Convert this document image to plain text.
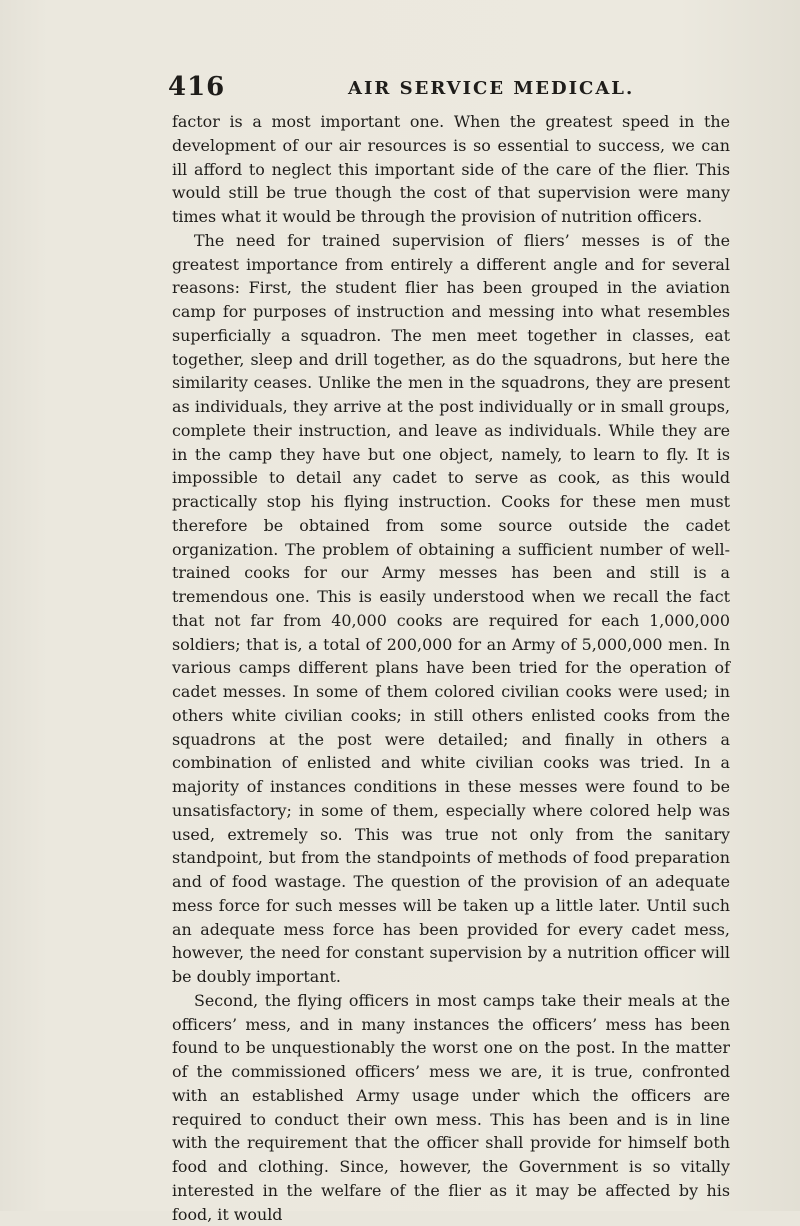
416	AIR SERVICE MEDICAL.

factor is a most important one. When the greatest speed in the development of our air resources is so essential to success, we can ill afford to neglect this important side of the care of the flier. This would still be true though the cost of that supervision were many times what it would be through the provision of nutrition officers.

The need for trained supervision of fliers’ messes is of the greatest importance from entirely a different angle and for several reasons: First, the student flier has been grouped in the aviation camp for purposes of instruction and messing into what resembles superficially a squadron. The men meet together in classes, eat together, sleep and drill together, as do the squadrons, but here the similarity ceases. Unlike the men in the squadrons, they are present as individuals, they arrive at the post individually or in small groups, complete their instruction, and leave as individuals. While they are in the camp they have but one object, namely, to learn to fly. It is impossible to detail any cadet to serve as cook, as this would practically stop his flying instruction. Cooks for these men must therefore be obtained from some source outside the cadet organization. The problem of obtaining a sufficient number of well-trained cooks for our Army messes has been and still is a tremendous one. This is easily understood when we recall the fact that not far from 40,000 cooks are required for each 1,000,000 soldiers; that is, a total of 200,000 for an Army of 5,000,000 men. In various camps different plans have been tried for the operation of cadet messes. In some of them colored civilian cooks were used; in others white civilian cooks; in still others enlisted cooks from the squadrons at the post were detailed; and finally in others a combination of enlisted and white civilian cooks was tried. In a majority of instances conditions in these messes were found to be unsatisfactory; in some of them, especially where colored help was used, extremely so. This was true not only from the sanitary standpoint, but from the standpoints of methods of food preparation and of food wastage. The question of the provision of an adequate mess force for such messes will be taken up a little later. Until such an adequate mess force has been provided for every cadet mess, however, the need for constant supervision by a nutrition officer will be doubly important.

Second, the flying officers in most camps take their meals at the officers’ mess, and in many instances the officers’ mess has been found to be unquestionably the worst one on the post. In the matter of the commissioned officers’ mess we are, it is true, confronted with an established Army usage under which the officers are required to conduct their own mess. This has been and is in line with the requirement that the officer shall provide for himself both food and clothing. Since, however, the Government is so vitally interested in the welfare of the flier as it may be affected by his food, it would
